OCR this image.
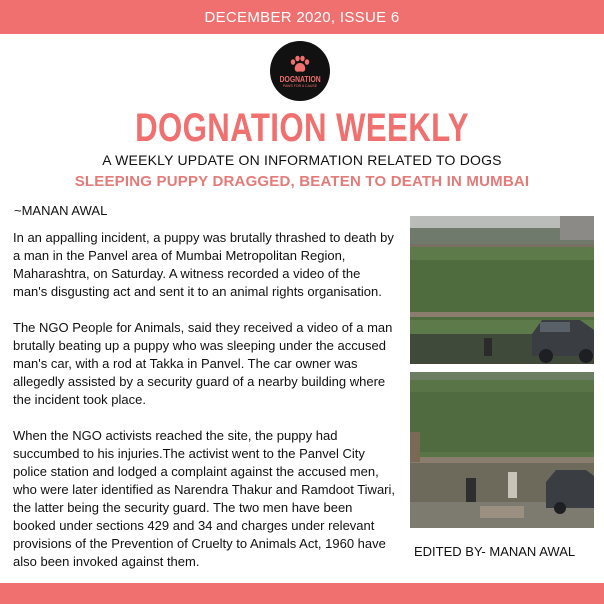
DECEMBER 2020, ISSUE 6
DOGNATION
PAWS FOR A CAUSE
DOGNATION WEEKLY
A WEEKLY UPDATE ON INFORMATION RELATED TO DOGS
SLEEPING PUPPY DRAGGED, BEATEN TO DEATH IN MUMBAI
~MANAN AWAL

In an appalling incident, a puppy was brutally thrashed to death by a man in the Panvel area of Mumbai Metropolitan Region, Maharashtra, on Saturday. A witness recorded a video of the man's disgusting act and sent it to an animal rights organisation.

The NGO People for Animals, said they received a video of a man brutally beating up a puppy who was sleeping under the accused man's car, with a rod at Takka in Panvel. The car owner was allegedly assisted by a security guard of a nearby building where the incident took place.

When the NGO activists reached the site, the puppy had succumbed to his injuries.The activist went to the Panvel City police station and lodged a complaint against the accused men, who were later identified as Narendra Thakur and Ramdoot Tiwari, the latter being the security guard. The two men have been booked under sections 429 and 34 and charges under relevant provisions of the Prevention of Cruelty to Animals Act, 1960 have also been invoked against them.

EDITED BY- MANAN AWAL
